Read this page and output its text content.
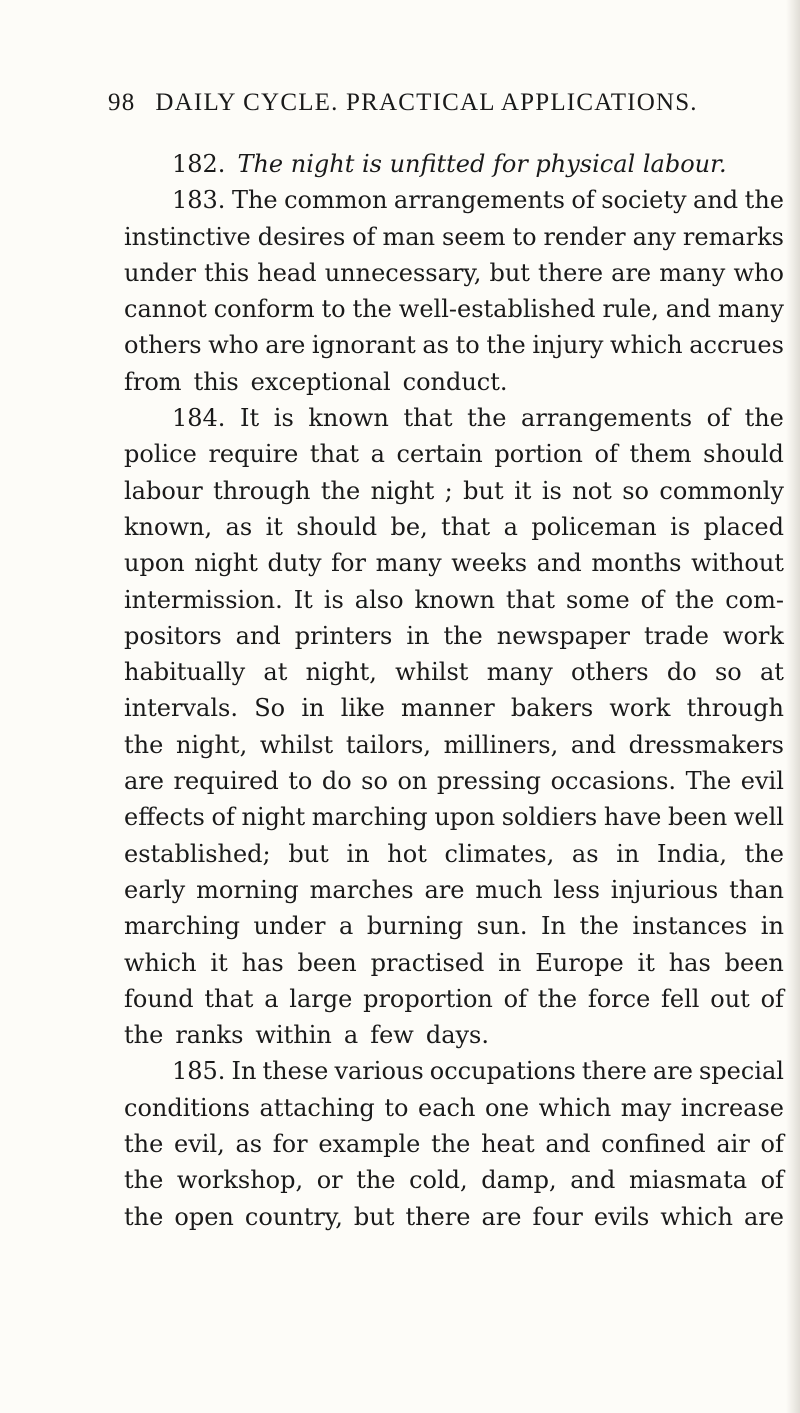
98 DAILY CYCLE. PRACTICAL APPLICATIONS.
182. The night is unfitted for physical labour.
183. The common arrangements of society and the
instinctive desires of man seem to render any remarks
under this head unnecessary, but there are many who
cannot conform to the well-established rule, and many
others who are ignorant as to the injury which accrues
from this exceptional conduct.
184. It is known that the arrangements of the
police require that a certain portion of them should
labour through the night ; but it is not so commonly
known, as it should be, that a policeman is placed
upon night duty for many weeks and months without
intermission. It is also known that some of the com-
positors and printers in the newspaper trade work
habitually at night, whilst many others do so at
intervals. So in like manner bakers work through
the night, whilst tailors, milliners, and dressmakers
are required to do so on pressing occasions. The evil
effects of night marching upon soldiers have been well
established; but in hot climates, as in India, the
early morning marches are much less injurious than
marching under a burning sun. In the instances in
which it has been practised in Europe it has been
found that a large proportion of the force fell out of
the ranks within a few days.
185. In these various occupations there are special
conditions attaching to each one which may increase
the evil, as for example the heat and confined air of
the workshop, or the cold, damp, and miasmata of
the open country, but there are four evils which are
